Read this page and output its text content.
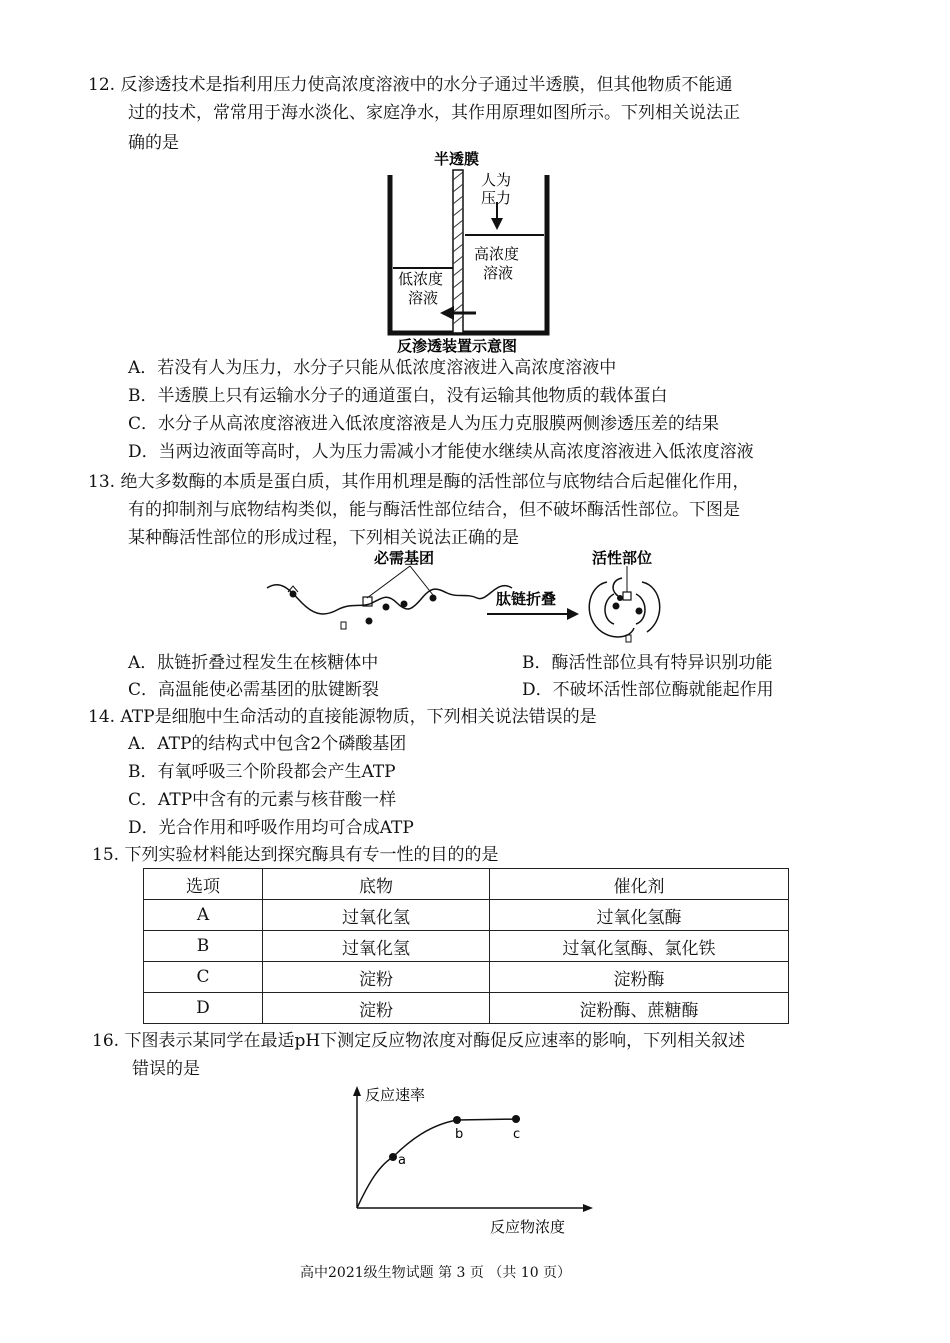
12. 反渗透技术是指利用压力使高浓度溶液中的水分子通过半透膜，但其他物质不能通
过的技术，常常用于海水淡化、家庭净水，其作用原理如图所示。下列相关说法正
确的是
半透膜
人为
压力
高浓度
溶液
低浓度
溶液
反渗透装置示意图
A．若没有人为压力，水分子只能从低浓度溶液进入高浓度溶液中
B．半透膜上只有运输水分子的通道蛋白，没有运输其他物质的载体蛋白
C．水分子从高浓度溶液进入低浓度溶液是人为压力克服膜两侧渗透压差的结果
D．当两边液面等高时，人为压力需减小才能使水继续从高浓度溶液进入低浓度溶液
13. 绝大多数酶的本质是蛋白质，其作用机理是酶的活性部位与底物结合后起催化作用，
有的抑制剂与底物结构类似，能与酶活性部位结合，但不破坏酶活性部位。下图是
某种酶活性部位的形成过程，下列相关说法正确的是
必需基团
肽链折叠
活性部位
A．肽链折叠过程发生在核糖体中	B．酶活性部位具有特异识别功能
C．高温能使必需基团的肽键断裂	D．不破坏活性部位酶就能起作用
14. ATP是细胞中生命活动的直接能源物质，下列相关说法错误的是
A．ATP的结构式中包含2个磷酸基团
B．有氧呼吸三个阶段都会产生ATP
C．ATP中含有的元素与核苷酸一样
D．光合作用和呼吸作用均可合成ATP
15. 下列实验材料能达到探究酶具有专一性的目的的是
选项	底物	催化剂
A	过氧化氢	过氧化氢酶
B	过氧化氢	过氧化氢酶、氯化铁
C	淀粉	淀粉酶
D	淀粉	淀粉酶、蔗糖酶
16. 下图表示某同学在最适pH下测定反应物浓度对酶促反应速率的影响，下列相关叙述
错误的是
反应速率
反应物浓度
a
b	c
高中2021级生物试题 第 3 页 （共 10 页）
